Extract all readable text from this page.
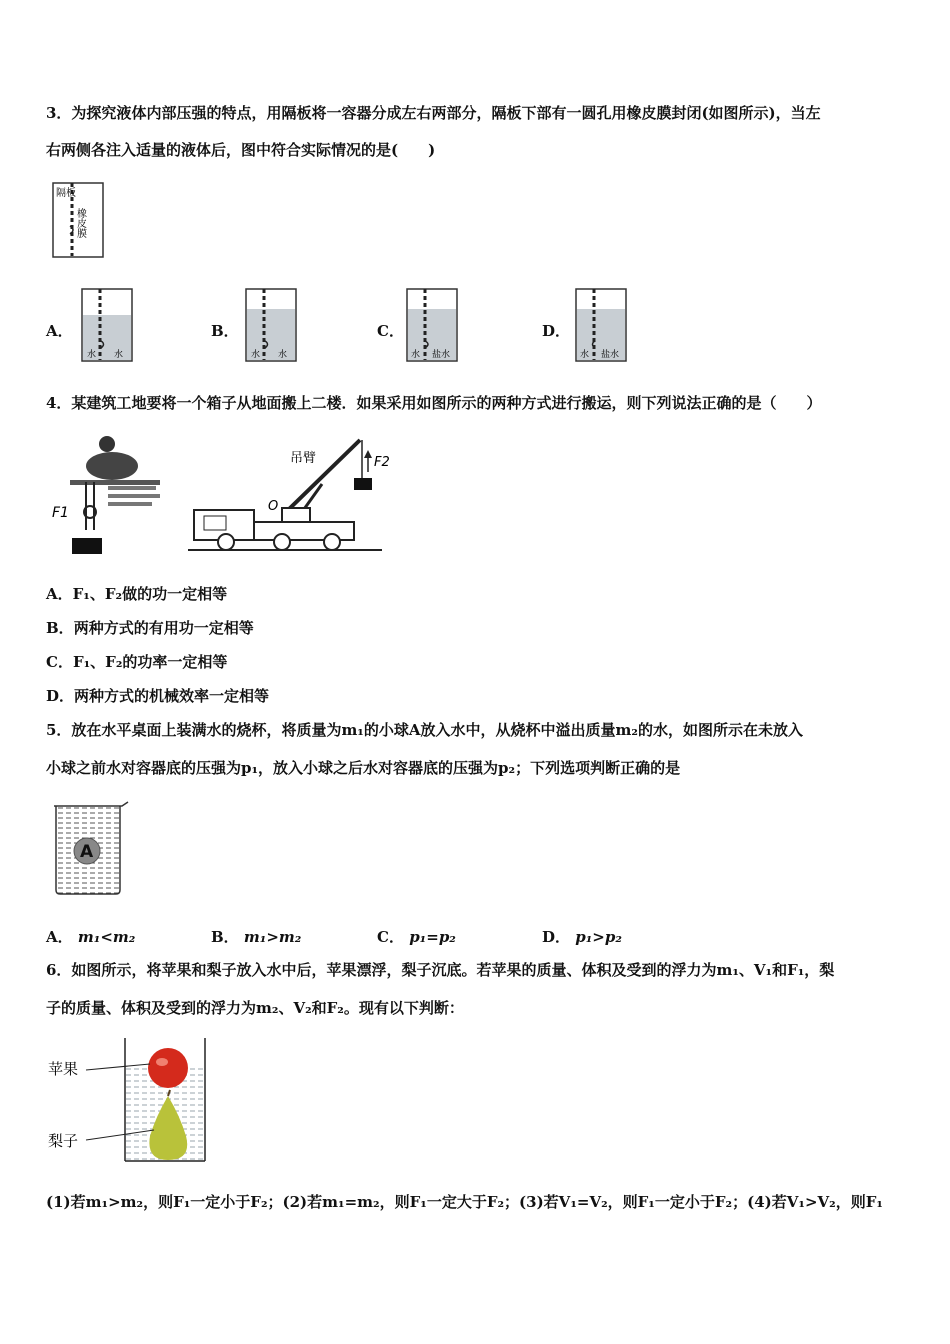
3．为探究液体内部压强的特点，用隔板将一容器分成左右两部分，隔板下部有一圆孔用橡皮膜封闭(如图所示)，当左
右两侧各注入适量的液体后，图中符合实际情况的是(　　)
隔板
橡皮膜
A．
水 水
B．
水 水
C．
水 盐水
D．
水 盐水
4．某建筑工地要将一个箱子从地面搬上二楼．如果采用如图所示的两种方式进行搬运，则下列说法正确的是（　　）
F1
吊臂	F2
O
A．F₁、F₂做的功一定相等
B．两种方式的有用功一定相等
C．F₁、F₂的功率一定相等
D．两种方式的机械效率一定相等
5．放在水平桌面上装满水的烧杯，将质量为m₁的小球A放入水中，从烧杯中溢出质量m₂的水，如图所示在未放入
小球之前水对容器底的压强为p₁，放入小球之后水对容器底的压强为p₂；下列选项判断正确的是
A
A． m₁<m₂	B． m₁>m₂	C． p₁=p₂	D． p₁>p₂
6．如图所示，将苹果和梨子放入水中后，苹果漂浮，梨子沉底。若苹果的质量、体积及受到的浮力为m₁、V₁和F₁，梨
子的质量、体积及受到的浮力为m₂、V₂和F₂。现有以下判断：
苹果
梨子
(1)若m₁>m₂，则F₁一定小于F₂；(2)若m₁=m₂，则F₁一定大于F₂；(3)若V₁=V₂，则F₁一定小于F₂；(4)若V₁>V₂，则F₁
